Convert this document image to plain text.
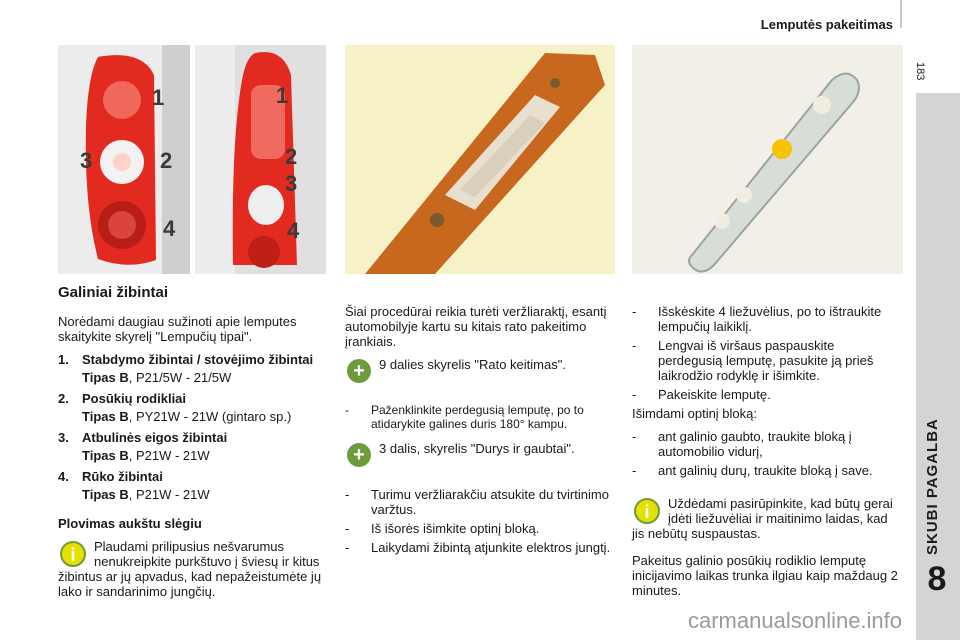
Lemputės pakeitimas
183
SKUBI PAGALBA
8
1
2
3
4
1
2
3
4
Galiniai žibintai
Norėdami daugiau sužinoti apie lemputes skaitykite skyrelį "Lempučių tipai".
1.	Stabdymo žibintai / stovėjimo žibintai
Tipas B, P21/5W - 21/5W
2.	Posūkių rodikliai
Tipas B, PY21W - 21W (gintaro sp.)
3.	Atbulinės eigos žibintai
Tipas B, P21W - 21W
4.	Rūko žibintai
Tipas B, P21W - 21W
Plovimas aukštu slėgiu
i	Plaudami prilipusius nešvarumus nenukreipkite purkštuvo į šviesų ir kitus žibintus ar jų apvadus, kad nepažeistumėte jų lako ir sandarinimo jungčių.
Šiai procedūrai reikia turėti veržliaraktį, esantį automobilyje kartu su kitais rato pakeitimo įrankiais.
+	9 dalies skyrelis "Rato keitimas".
-	Paženklinkite perdegusią lemputę, po to atidarykite galines duris 180° kampu.
+	3 dalis, skyrelis "Durys ir gaubtai".
-	Turimu veržliarakčiu atsukite du tvirtinimo varžtus.
-	Iš išorės išimkite optinį bloką.
-	Laikydami žibintą atjunkite elektros jungtį.
-	Išskėskite 4 liežuvėlius, po to ištraukite lempučių laikiklį.
-	Lengvai iš viršaus paspauskite perdegusią lemputę, pasukite ją prieš laikrodžio rodyklę ir išimkite.
-	Pakeiskite lemputę.
Išimdami optinį bloką:
-	ant galinio gaubto, traukite bloką į automobilio vidurį,
-	ant galinių durų, traukite bloką į save.
i	Uždėdami pasirūpinkite, kad būtų gerai įdėti liežuvėliai ir maitinimo laidas, kad jis nebūtų suspaustas.
Pakeitus galinio posūkių rodiklio lemputę inicijavimo laikas trunka ilgiau kaip maždaug 2 minutes.
carmanualsonline.info
